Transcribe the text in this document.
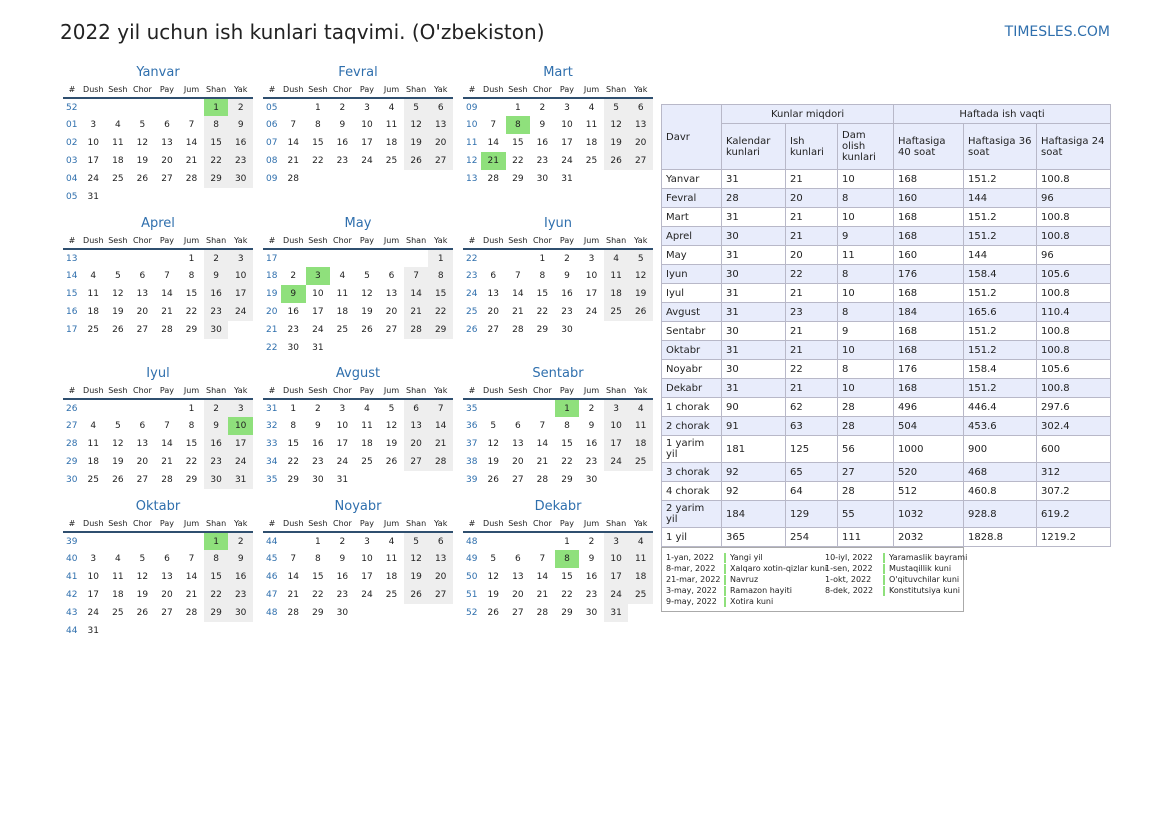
2022 yil uchun ish kunlari taqvimi. (O'zbekiston)	TIMESLES.COM
Yanvar
#	Dush	Sesh	Chor	Pay	Jum	Shan	Yak
52						1	2
01	3	4	5	6	7	8	9
02	10	11	12	13	14	15	16
03	17	18	19	20	21	22	23
04	24	25	26	27	28	29	30
05	31						
Fevral
#	Dush	Sesh	Chor	Pay	Jum	Shan	Yak
05		1	2	3	4	5	6
06	7	8	9	10	11	12	13
07	14	15	16	17	18	19	20
08	21	22	23	24	25	26	27
09	28						
Mart
#	Dush	Sesh	Chor	Pay	Jum	Shan	Yak
09		1	2	3	4	5	6
10	7	8	9	10	11	12	13
11	14	15	16	17	18	19	20
12	21	22	23	24	25	26	27
13	28	29	30	31			
Aprel
#	Dush	Sesh	Chor	Pay	Jum	Shan	Yak
13					1	2	3
14	4	5	6	7	8	9	10
15	11	12	13	14	15	16	17
16	18	19	20	21	22	23	24
17	25	26	27	28	29	30	
May
#	Dush	Sesh	Chor	Pay	Jum	Shan	Yak
17							1
18	2	3	4	5	6	7	8
19	9	10	11	12	13	14	15
20	16	17	18	19	20	21	22
21	23	24	25	26	27	28	29
22	30	31					
Iyun
#	Dush	Sesh	Chor	Pay	Jum	Shan	Yak
22			1	2	3	4	5
23	6	7	8	9	10	11	12
24	13	14	15	16	17	18	19
25	20	21	22	23	24	25	26
26	27	28	29	30			
Iyul
#	Dush	Sesh	Chor	Pay	Jum	Shan	Yak
26					1	2	3
27	4	5	6	7	8	9	10
28	11	12	13	14	15	16	17
29	18	19	20	21	22	23	24
30	25	26	27	28	29	30	31
Avgust
#	Dush	Sesh	Chor	Pay	Jum	Shan	Yak
31	1	2	3	4	5	6	7
32	8	9	10	11	12	13	14
33	15	16	17	18	19	20	21
34	22	23	24	25	26	27	28
35	29	30	31				
Sentabr
#	Dush	Sesh	Chor	Pay	Jum	Shan	Yak
35				1	2	3	4
36	5	6	7	8	9	10	11
37	12	13	14	15	16	17	18
38	19	20	21	22	23	24	25
39	26	27	28	29	30		
Oktabr
#	Dush	Sesh	Chor	Pay	Jum	Shan	Yak
39						1	2
40	3	4	5	6	7	8	9
41	10	11	12	13	14	15	16
42	17	18	19	20	21	22	23
43	24	25	26	27	28	29	30
44	31						
Noyabr
#	Dush	Sesh	Chor	Pay	Jum	Shan	Yak
44		1	2	3	4	5	6
45	7	8	9	10	11	12	13
46	14	15	16	17	18	19	20
47	21	22	23	24	25	26	27
48	28	29	30				
Dekabr
#	Dush	Sesh	Chor	Pay	Jum	Shan	Yak
48				1	2	3	4
49	5	6	7	8	9	10	11
50	12	13	14	15	16	17	18
51	19	20	21	22	23	24	25
52	26	27	28	29	30	31	
Davr	Kunlar miqdori			Haftada ish vaqti		
	Kalendar kunlari	Ish kunlari	Dam olish kunlari	Haftasiga 40 soat	Haftasiga 36 soat	Haftasiga 24 soat
Yanvar	31	21	10	168	151.2	100.8
Fevral	28	20	8	160	144	96
Mart	31	21	10	168	151.2	100.8
Aprel	30	21	9	168	151.2	100.8
May	31	20	11	160	144	96
Iyun	30	22	8	176	158.4	105.6
Iyul	31	21	10	168	151.2	100.8
Avgust	31	23	8	184	165.6	110.4
Sentabr	30	21	9	168	151.2	100.8
Oktabr	31	21	10	168	151.2	100.8
Noyabr	30	22	8	176	158.4	105.6
Dekabr	31	21	10	168	151.2	100.8
1 chorak	90	62	28	496	446.4	297.6
2 chorak	91	63	28	504	453.6	302.4
1 yarim yil	181	125	56	1000	900	600
3 chorak	92	65	27	520	468	312
4 chorak	92	64	28	512	460.8	307.2
2 yarim yil	184	129	55	1032	928.8	619.2
1 yil	365	254	111	2032	1828.8	1219.2
1-yan, 2022	Yangi yil
8-mar, 2022	Xalqaro xotin-qizlar kuni
21-mar, 2022	Navruz
3-may, 2022	Ramazon hayiti
9-may, 2022	Xotira kuni
10-iyl, 2022	Yaramaslik bayrami
1-sen, 2022	Mustaqillik kuni
1-okt, 2022	O'qituvchilar kuni
8-dek, 2022	Konstitutsiya kuni
